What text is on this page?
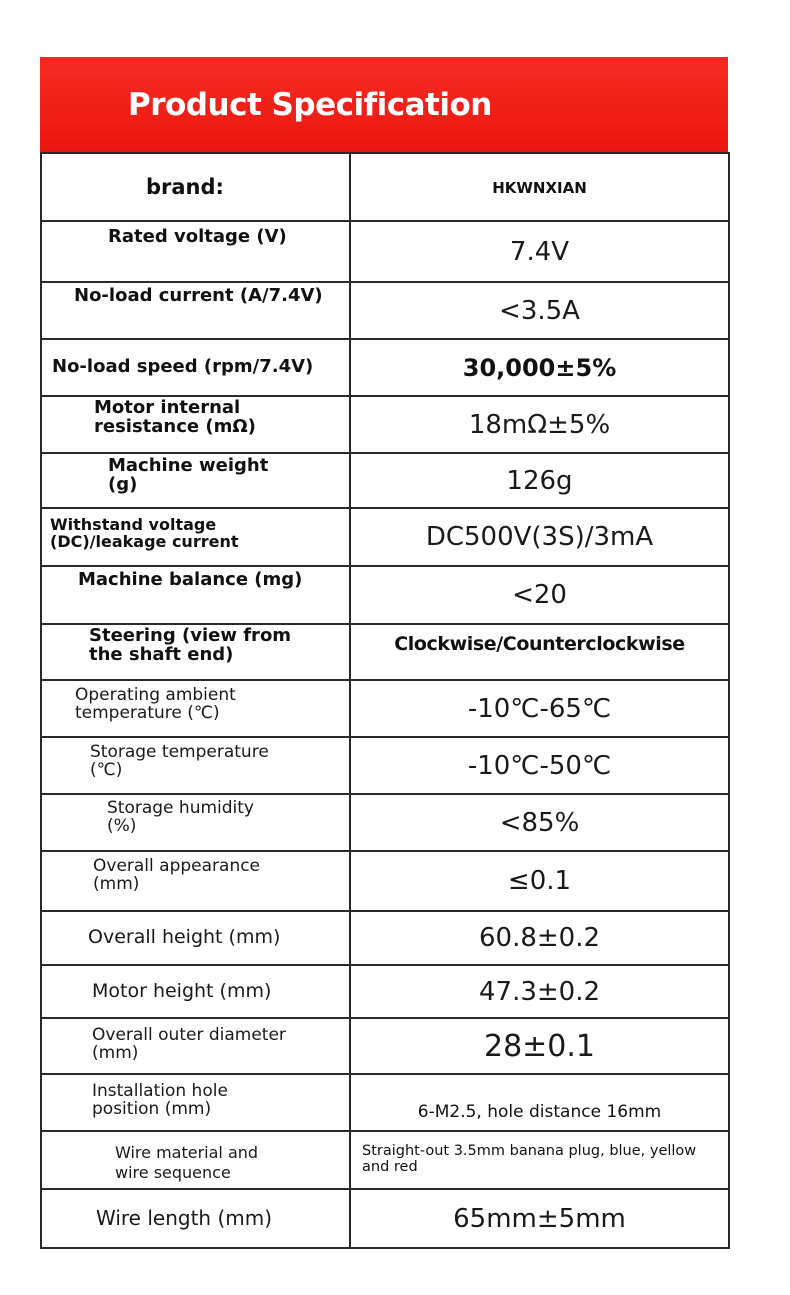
Product Specification
brand:	HKWNXIAN

Rated voltage (V)	7.4V

No-load current (A/7.4V)	<3.5A

No-load speed (rpm/7.4V)	30,000±5%

Motor internal resistance (mΩ)	18mΩ±5%

Machine weight (g)	126g

Withstand voltage (DC)/leakage current	DC500V(3S)/3mA

Machine balance (mg)	<20

Steering (view from the shaft end)	Clockwise/Counterclockwise

Operating ambient temperature (℃)	-10℃-65℃

Storage temperature (℃)	-10℃-50℃

Storage humidity (%)	<85%

Overall appearance (mm)	≤0.1

Overall height (mm)	60.8±0.2

Motor height (mm)	47.3±0.2

Overall outer diameter (mm)	28±0.1

Installation hole position (mm)	6-M2.5, hole distance 16mm

Wire material and wire sequence	Straight-out 3.5mm banana plug, blue, yellow and red

Wire length (mm)	65mm±5mm
